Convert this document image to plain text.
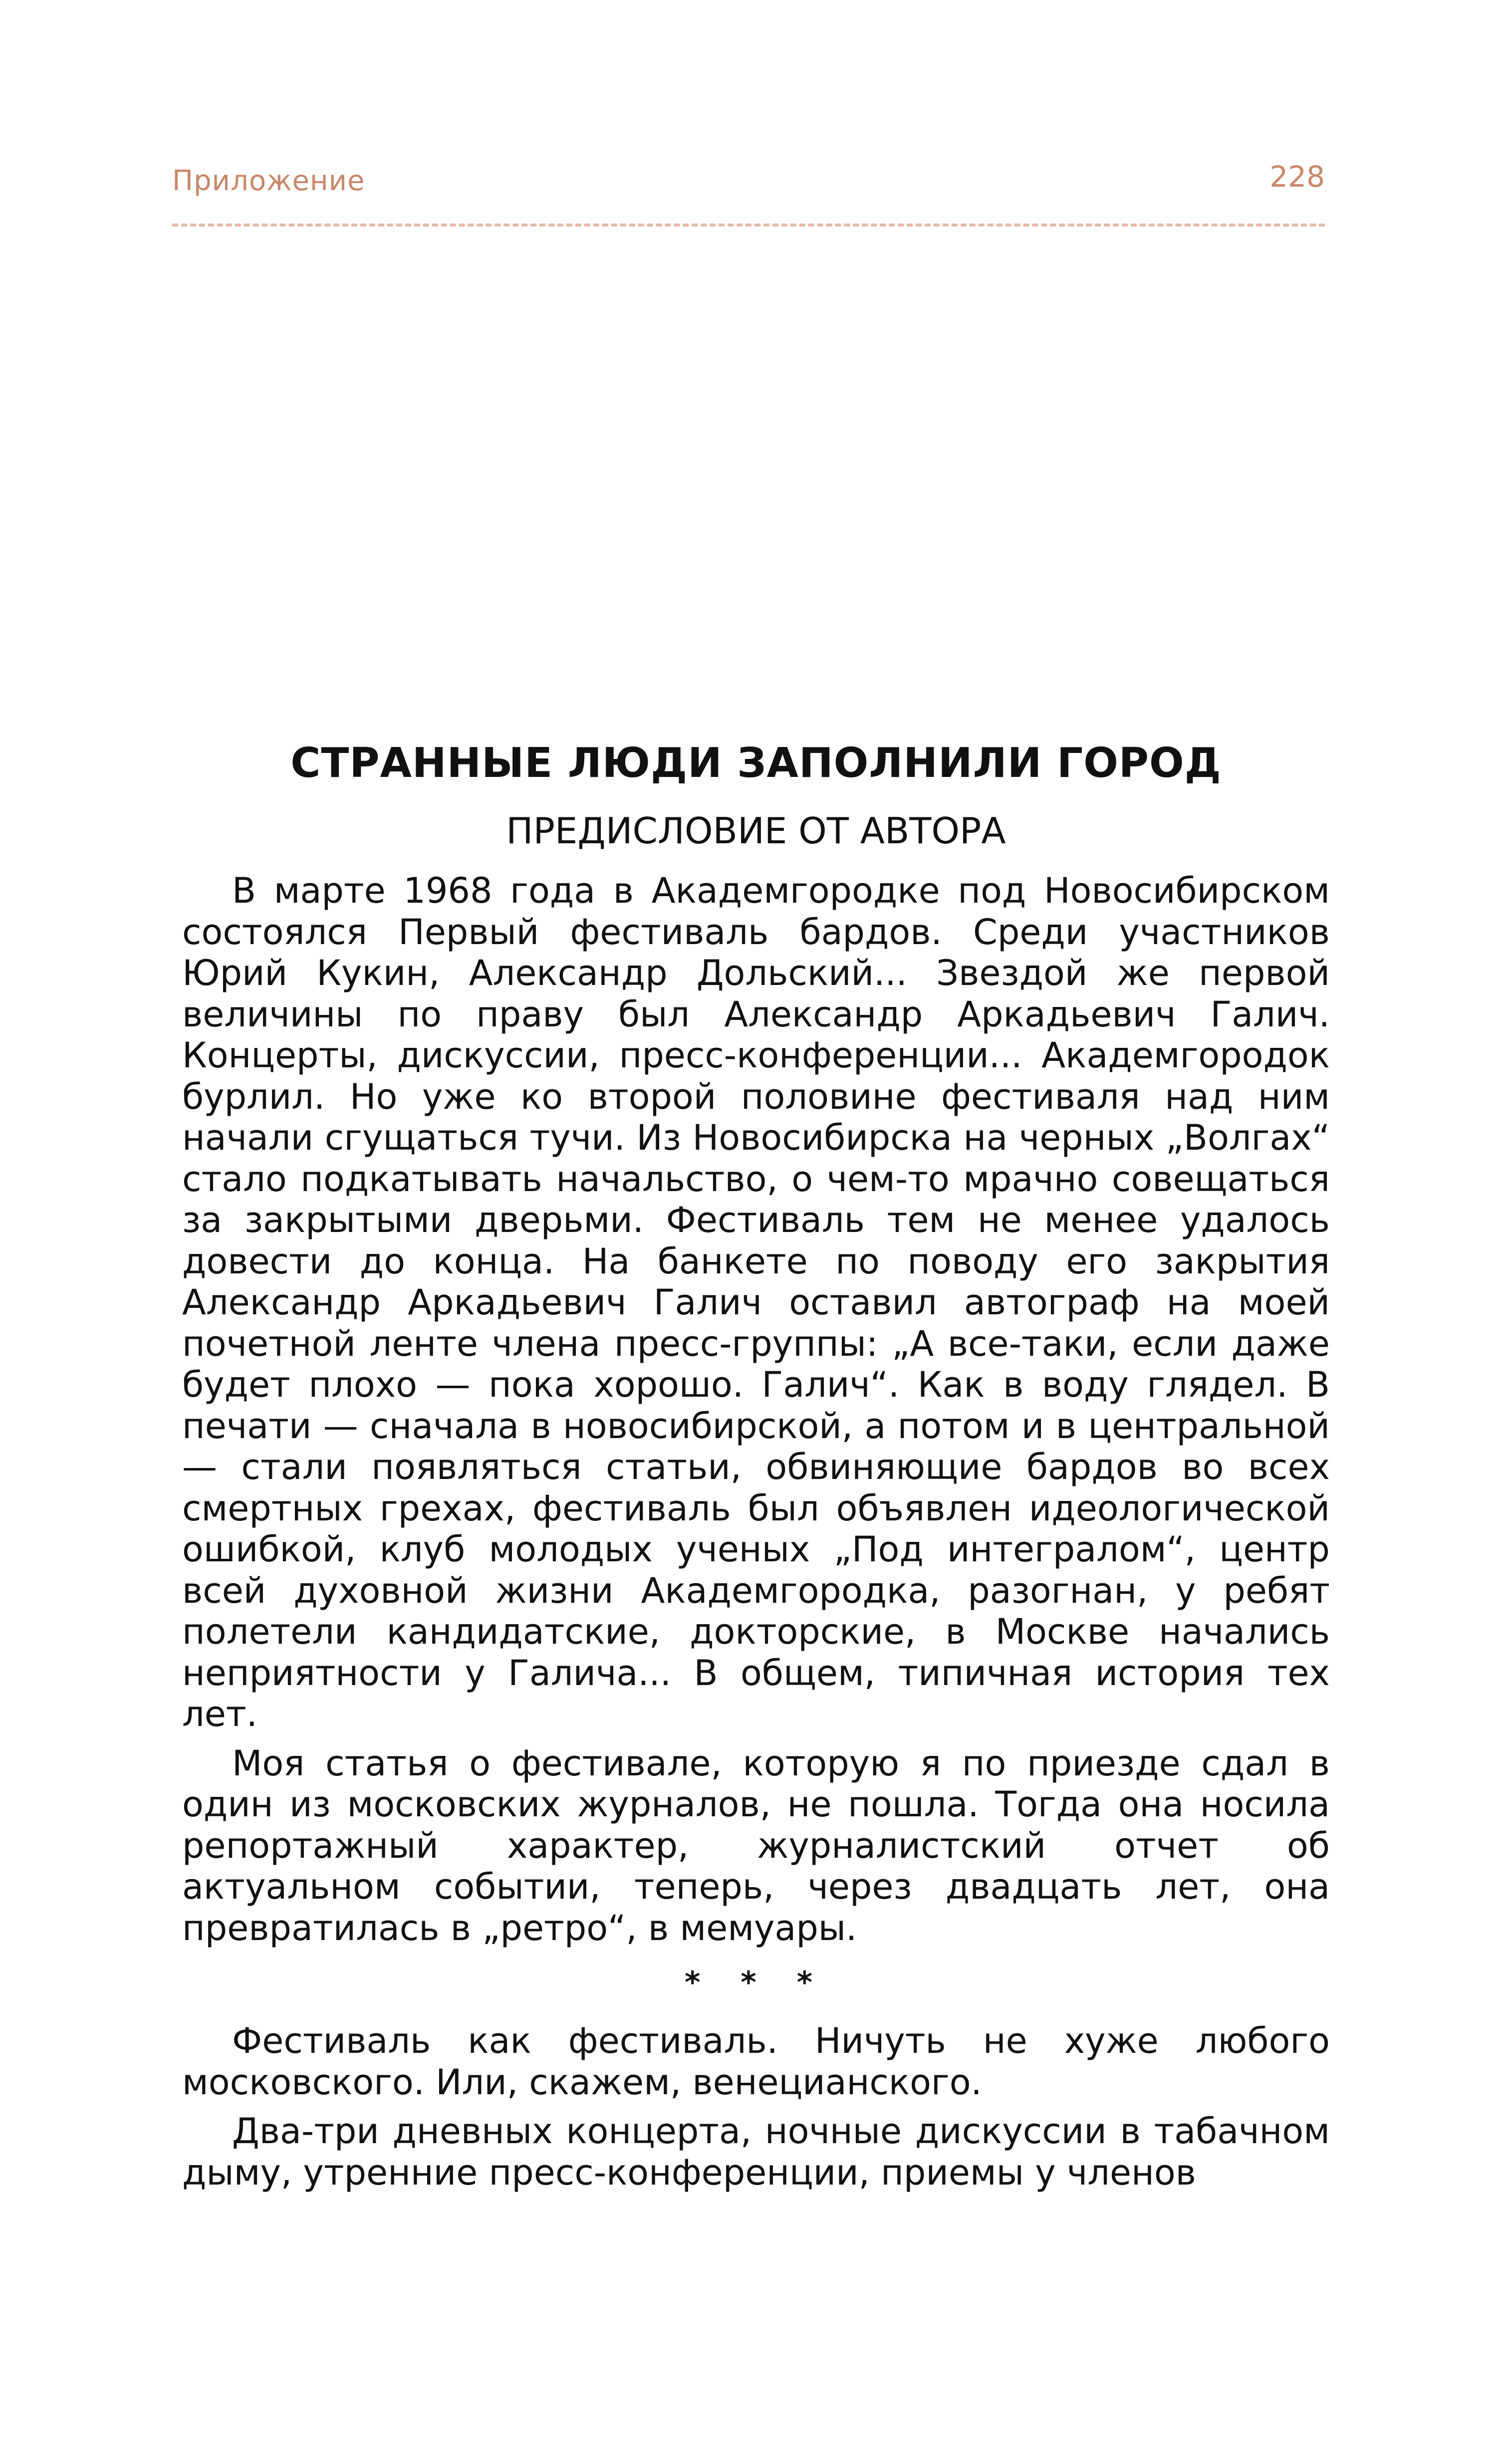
Приложение	228
СТРАННЫЕ ЛЮДИ ЗАПОЛНИЛИ ГОРОД
ПРЕДИСЛОВИЕ ОТ АВТОРА

В марте 1968 года в Академгородке под Новосибирском состоялся Первый фестиваль бардов. Среди участников Юрий Кукин, Александр Дольский... Звездой же первой величины по праву был Александр Аркадьевич Галич. Концерты, дискуссии, пресс-конференции... Академгородок бурлил. Но уже ко второй половине фестиваля над ним начали сгущаться тучи. Из Новосибирска на черных „Волгах“ стало подкатывать начальство, о чем-то мрачно совещаться за закрытыми дверьми. Фестиваль тем не менее удалось довести до конца. На банкете по поводу его закрытия Александр Аркадьевич Галич оставил автограф на моей почетной ленте члена пресс-группы: „А все-таки, если даже будет плохо — пока хорошо. Галич“. Как в воду глядел. В печати — сначала в новосибирской, а потом и в центральной — стали появляться статьи, обвиняющие бардов во всех смертных грехах, фестиваль был объявлен идеологической ошибкой, клуб молодых ученых „Под интегралом“, центр всей духовной жизни Академгородка, разогнан, у ребят полетели кандидатские, докторские, в Москве начались неприятности у Галича... В общем, типичная история тех лет.

Моя статья о фестивале, которую я по приезде сдал в один из московских журналов, не пошла. Тогда она носила репортажный характер, журналистский отчет об актуальном событии, теперь, через двадцать лет, она превратилась в „ретро“, в мемуары.

* * *

Фестиваль как фестиваль. Ничуть не хуже любого московского. Или, скажем, венецианского.

Два-три дневных концерта, ночные дискуссии в табачном дыму, утренние пресс-конференции, приемы у членов
